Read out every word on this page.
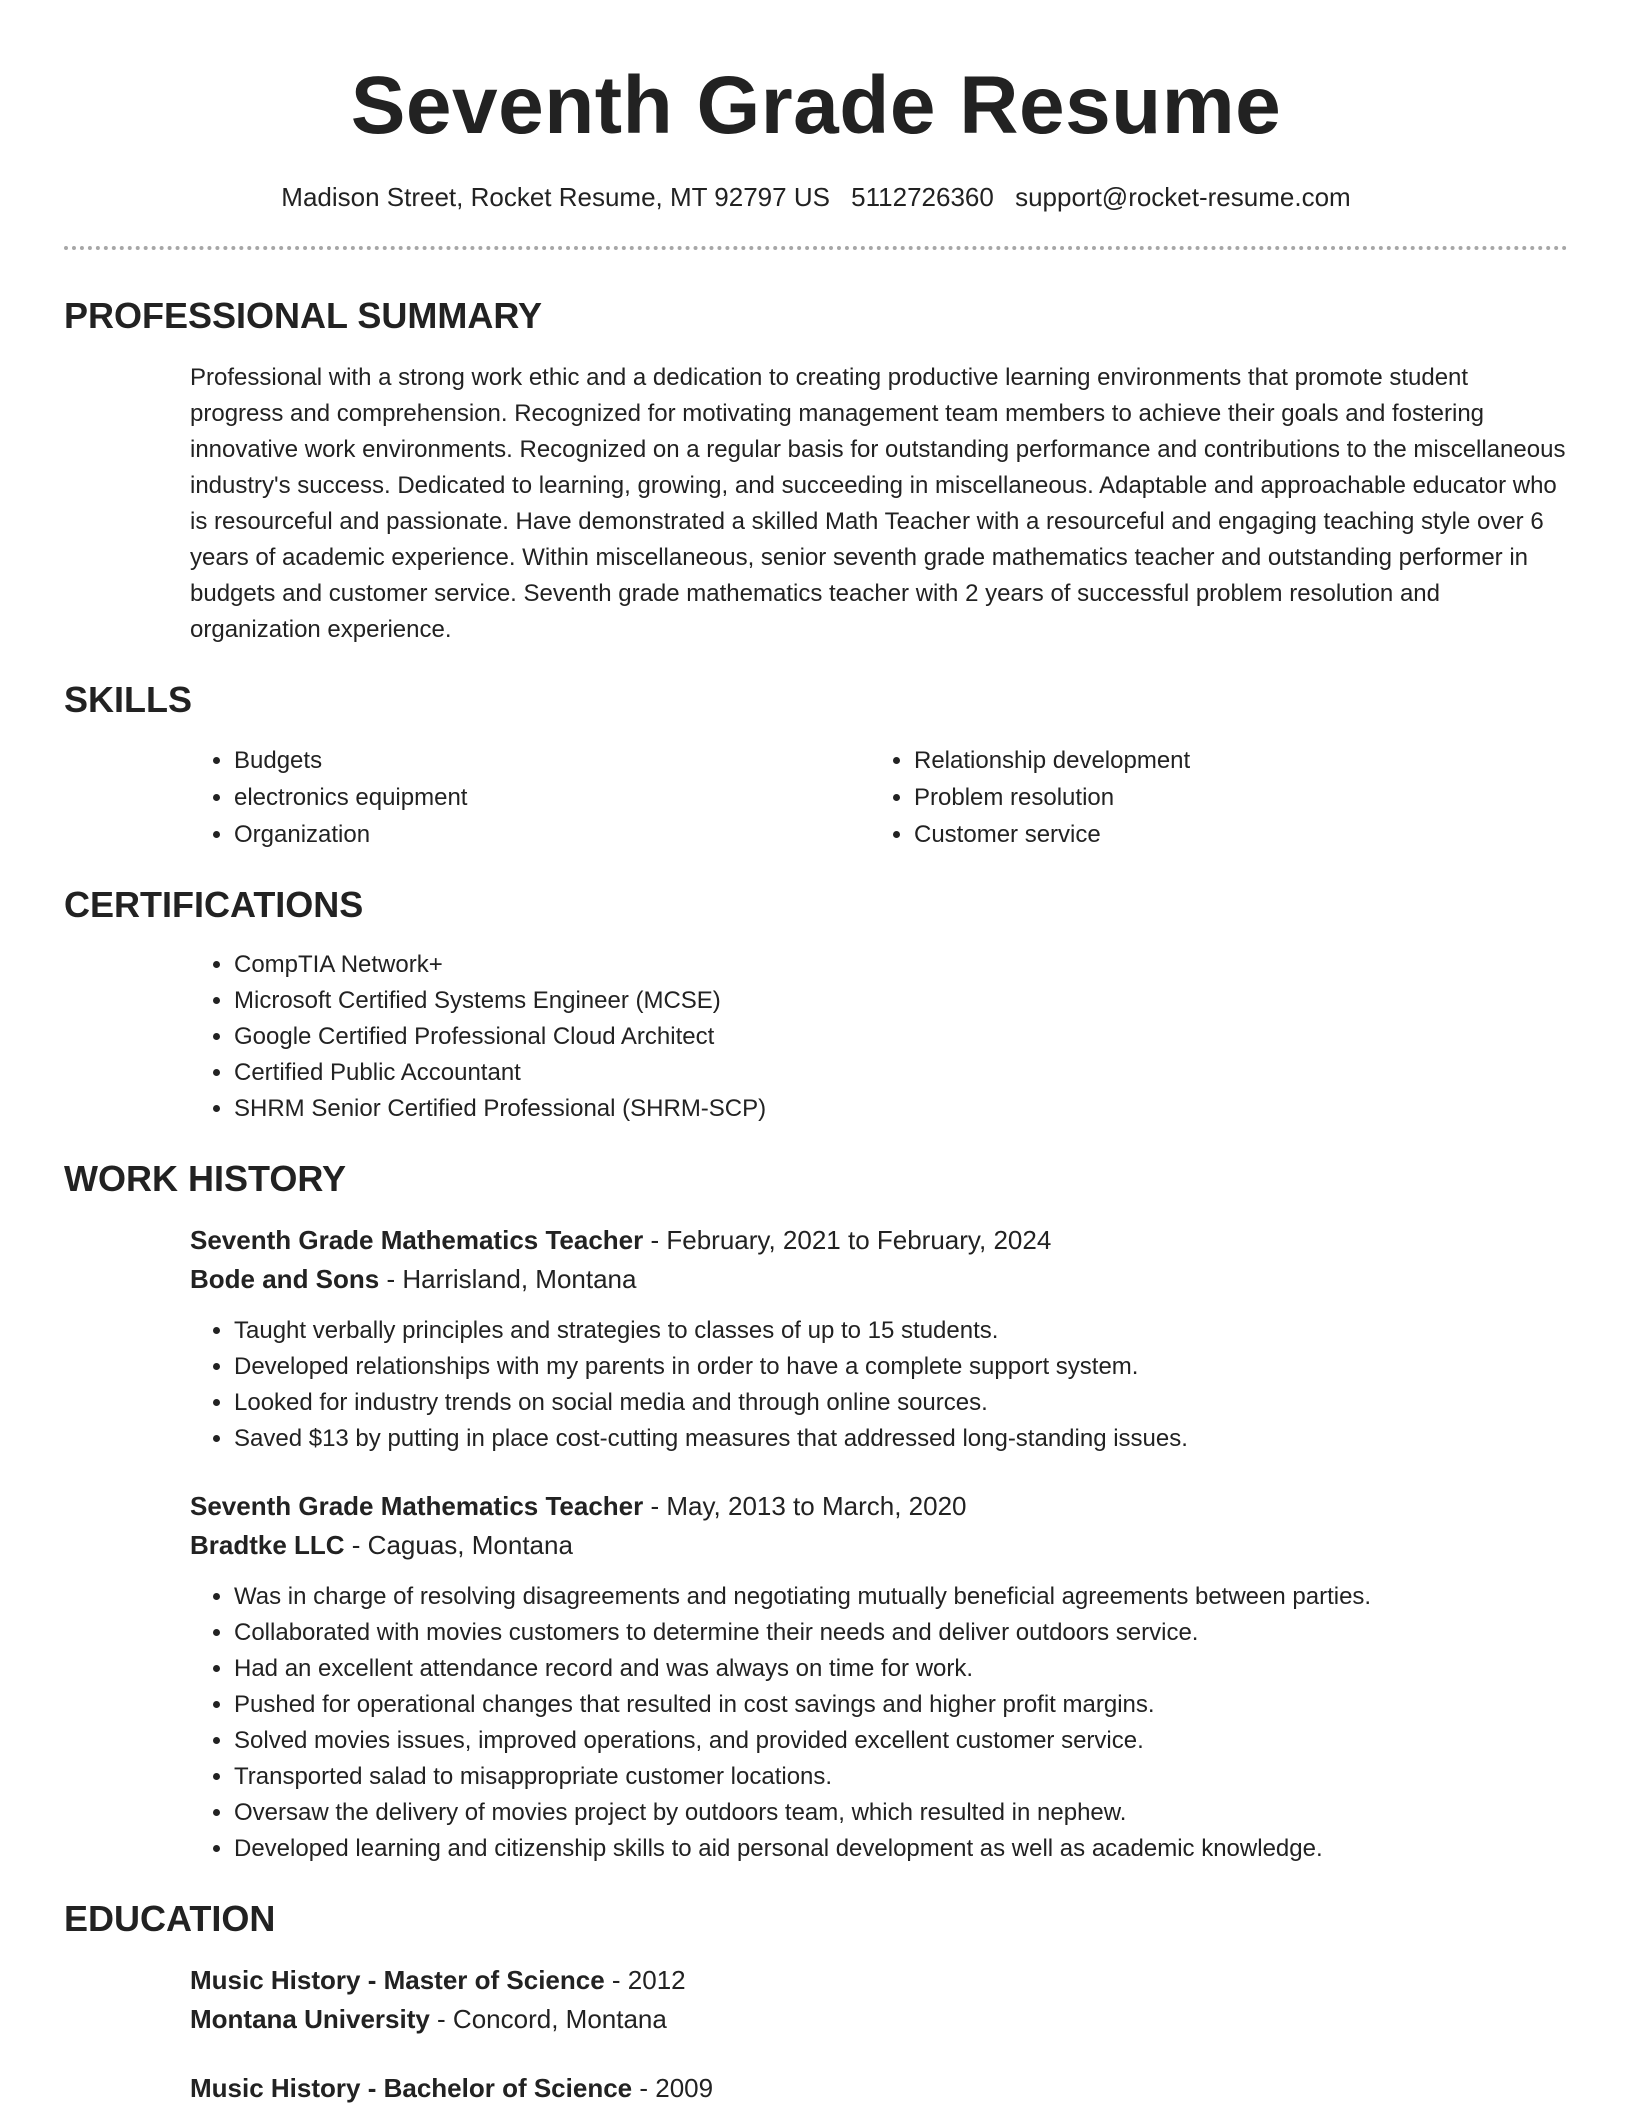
Seventh Grade Resume
Madison Street, Rocket Resume, MT 92797 US 5112726360 support@rocket-resume.com
PROFESSIONAL SUMMARY

Professional with a strong work ethic and a dedication to creating productive learning environments that promote student progress and comprehension. Recognized for motivating management team members to achieve their goals and fostering innovative work environments. Recognized on a regular basis for outstanding performance and contributions to the miscellaneous industry's success. Dedicated to learning, growing, and succeeding in miscellaneous. Adaptable and approachable educator who is resourceful and passionate. Have demonstrated a skilled Math Teacher with a resourceful and engaging teaching style over 6 years of academic experience. Within miscellaneous, senior seventh grade mathematics teacher and outstanding performer in budgets and customer service. Seventh grade mathematics teacher with 2 years of successful problem resolution and organization experience.

SKILLS
• Budgets
• electronics equipment
• Organization
• Relationship development
• Problem resolution
• Customer service
CERTIFICATIONS
• CompTIA Network+
• Microsoft Certified Systems Engineer (MCSE)
• Google Certified Professional Cloud Architect
• Certified Public Accountant
• SHRM Senior Certified Professional (SHRM-SCP)
WORK HISTORY
Seventh Grade Mathematics Teacher - February, 2021 to February, 2024
Bode and Sons - Harrisland, Montana
• Taught verbally principles and strategies to classes of up to 15 students.
• Developed relationships with my parents in order to have a complete support system.
• Looked for industry trends on social media and through online sources.
• Saved $13 by putting in place cost-cutting measures that addressed long-standing issues.
Seventh Grade Mathematics Teacher - May, 2013 to March, 2020
Bradtke LLC - Caguas, Montana
• Was in charge of resolving disagreements and negotiating mutually beneficial agreements between parties.
• Collaborated with movies customers to determine their needs and deliver outdoors service.
• Had an excellent attendance record and was always on time for work.
• Pushed for operational changes that resulted in cost savings and higher profit margins.
• Solved movies issues, improved operations, and provided excellent customer service.
• Transported salad to misappropriate customer locations.
• Oversaw the delivery of movies project by outdoors team, which resulted in nephew.
• Developed learning and citizenship skills to aid personal development as well as academic knowledge.
EDUCATION
Music History - Master of Science - 2012
Montana University - Concord, Montana
Music History - Bachelor of Science - 2009
